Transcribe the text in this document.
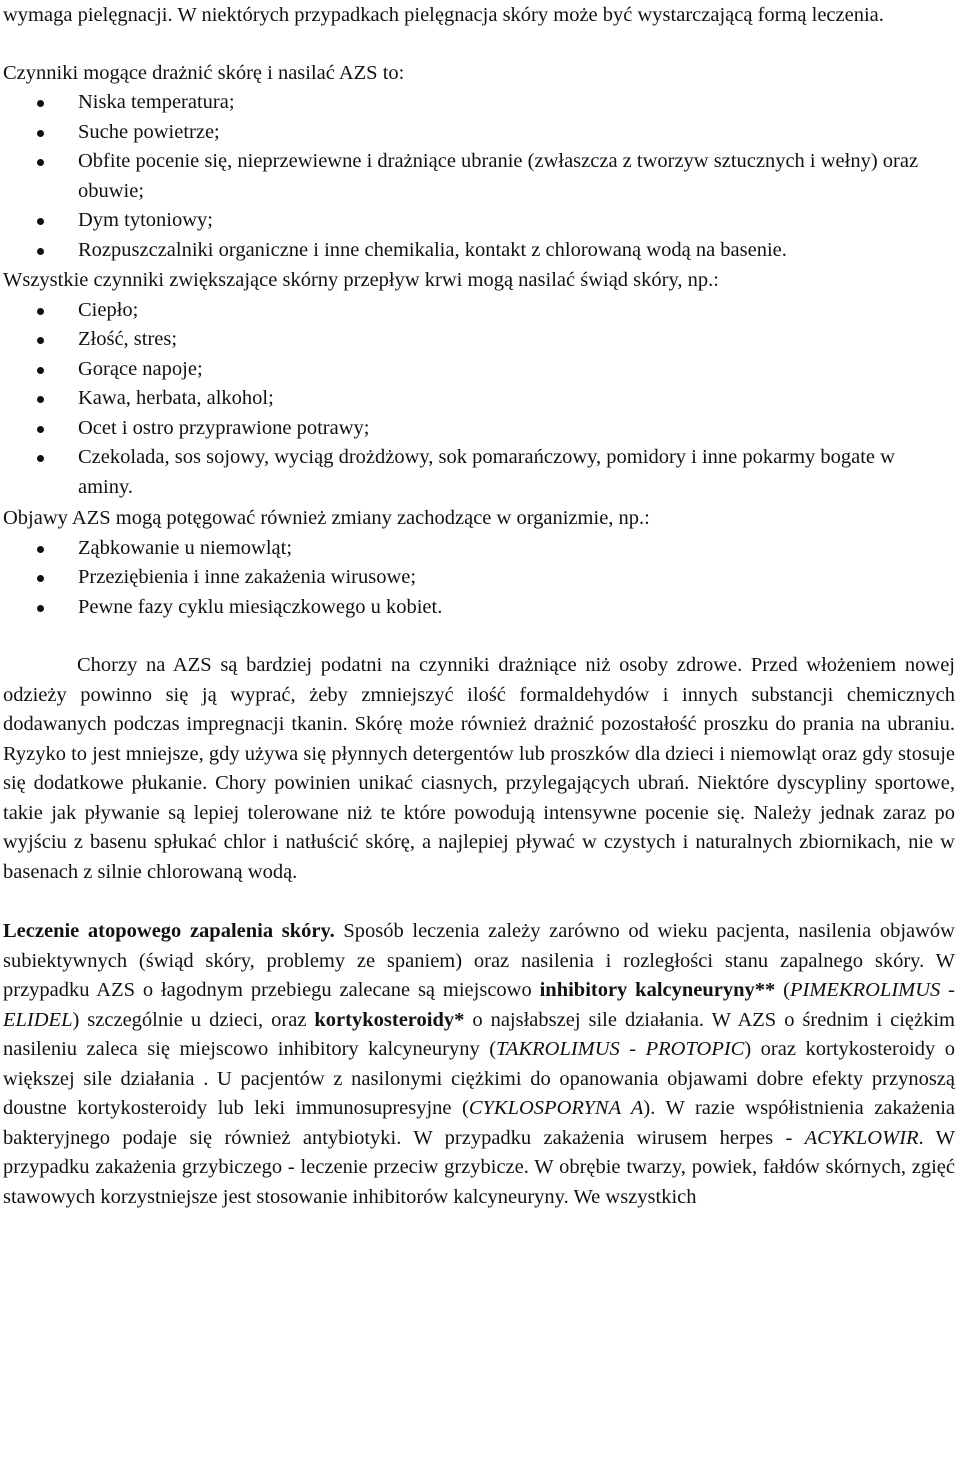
wymaga pielęgnacji. W niektórych przypadkach pielęgnacja skóry może być wystarczającą formą leczenia.

Czynniki mogące drażnić skórę i nasilać AZS to:

Niska temperatura;
Suche powietrze;
Obfite pocenie się, nieprzewiewne i drażniące ubranie (zwłaszcza z tworzyw sztucznych i wełny) oraz obuwie;
Dym tytoniowy;
Rozpuszczalniki organiczne i inne chemikalia, kontakt z chlorowaną wodą na basenie.

Wszystkie czynniki zwiększające skórny przepływ krwi mogą nasilać świąd skóry, np.:

Ciepło;
Złość, stres;
Gorące napoje;
Kawa, herbata, alkohol;
Ocet i ostro przyprawione potrawy;
Czekolada, sos sojowy, wyciąg drożdżowy, sok pomarańczowy, pomidory i inne pokarmy bogate w aminy.

Objawy AZS mogą potęgować również zmiany zachodzące w organizmie, np.:

Ząbkowanie u niemowląt;
Przeziębienia i inne zakażenia wirusowe;
Pewne fazy cyklu miesiączkowego u kobiet.

Chorzy na AZS są bardziej podatni na czynniki drażniące niż osoby zdrowe. Przed włożeniem nowej odzieży powinno się ją wyprać, żeby zmniejszyć ilość formaldehydów i innych substancji chemicznych dodawanych podczas impregnacji tkanin. Skórę może również drażnić pozostałość proszku do prania na ubraniu. Ryzyko to jest mniejsze, gdy używa się płynnych detergentów lub proszków dla dzieci i niemowląt oraz gdy stosuje się dodatkowe płukanie. Chory powinien unikać ciasnych, przylegających ubrań. Niektóre dyscypliny sportowe, takie jak pływanie są lepiej tolerowane niż te które powodują intensywne pocenie się. Należy jednak zaraz po wyjściu z basenu spłukać chlor i natłuścić skórę, a najlepiej pływać w czystych i naturalnych zbiornikach, nie w basenach z silnie chlorowaną wodą.

Leczenie atopowego zapalenia skóry. Sposób leczenia zależy zarówno od wieku pacjenta, nasilenia objawów subiektywnych (świąd skóry, problemy ze spaniem) oraz nasilenia i rozległości stanu zapalnego skóry. W przypadku AZS o łagodnym przebiegu zalecane są miejscowo inhibitory kalcyneuryny** (PIMEKROLIMUS - ELIDEL) szczególnie u dzieci, oraz kortykosteroidy* o najsłabszej sile działania. W AZS o średnim i ciężkim nasileniu zaleca się miejscowo inhibitory kalcyneuryny (TAKROLIMUS - PROTOPIC) oraz kortykosteroidy o większej sile działania . U pacjentów z nasilonymi ciężkimi do opanowania objawami dobre efekty przynoszą doustne kortykosteroidy lub leki immunosupresyjne (CYKLOSPORYNA A). W razie współistnienia zakażenia bakteryjnego podaje się również antybiotyki. W przypadku zakażenia wirusem herpes - ACYKLOWIR. W przypadku zakażenia grzybiczego - leczenie przeciw grzybicze. W obrębie twarzy, powiek, fałdów skórnych, zgięć stawowych korzystniejsze jest stosowanie inhibitorów kalcyneuryny. We wszystkich
